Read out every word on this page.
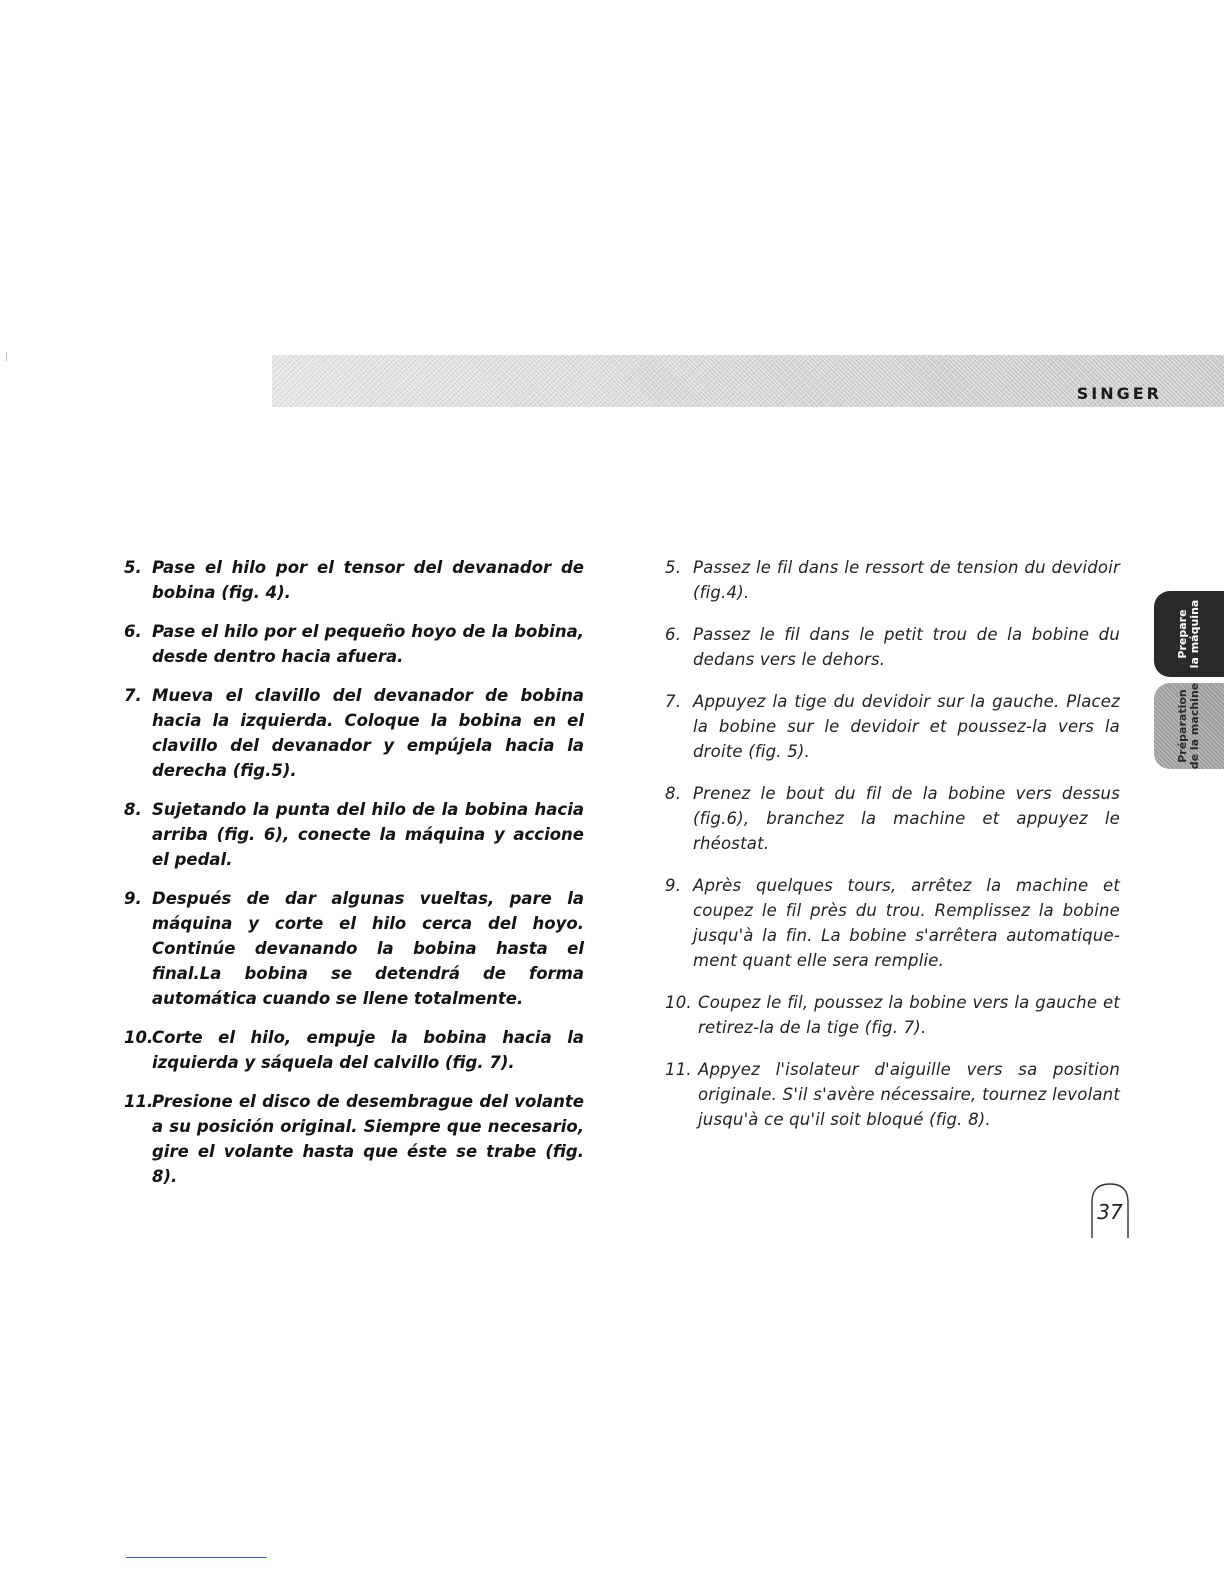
SINGER
5. Pase el hilo por el tensor del devanador de bobina (fig. 4).
6. Pase el hilo por el pequeño hoyo de la bobina, desde dentro hacia afuera.
7. Mueva el clavillo del devanador de bobina hacia la izquierda. Coloque la bobina en el clavillo del devanador y empújela hacia la derecha (fig.5).
8. Sujetando la punta del hilo de la bobina hacia arriba (fig. 6), conecte la máquina y accione el pedal.
9. Después de dar algunas vueltas, pare la máquina y corte el hilo cerca del hoyo. Continúe devanando la bobina hasta el final.La bobina se detendrá de forma automática cuando se llene totalmente.
10.
Corte el hilo, empuje la bobina hacia la izquierda y sáquela del calvillo (fig. 7).
11.
Presione el disco de desembrague del volante a su posición original. Siempre que necesario, gire el volante hasta que éste se trabe (fig. 8).
5. Passez le fil dans le ressort de tension du devidoir (fig.4).
6. Passez le fil dans le petit trou de la bobine du dedans vers le dehors.
7. Appuyez la tige du devidoir sur la gauche. Placez la bobine sur le devidoir et poussez-la vers la droite (fig. 5).
8. Prenez le bout du fil de la bobine vers dessus (fig.6), branchez la machine et appuyez le rhéostat.
9. Après quelques tours, arrêtez la machine et coupez le fil près du trou. Remplissez la bobine jusqu'à la fin. La bobine s'arrêtera automatique-ment quant elle sera remplie.
10. Coupez le fil, poussez la bobine vers la gauche et retirez-la de la tige (fig. 7).
11. Appyez l'isolateur d'aiguille vers sa position originale. S'il s'avère nécessaire, tournez levolant jusqu'à ce qu'il soit bloqué (fig. 8).
Prepare la máquina
Préparation de la machine
37
